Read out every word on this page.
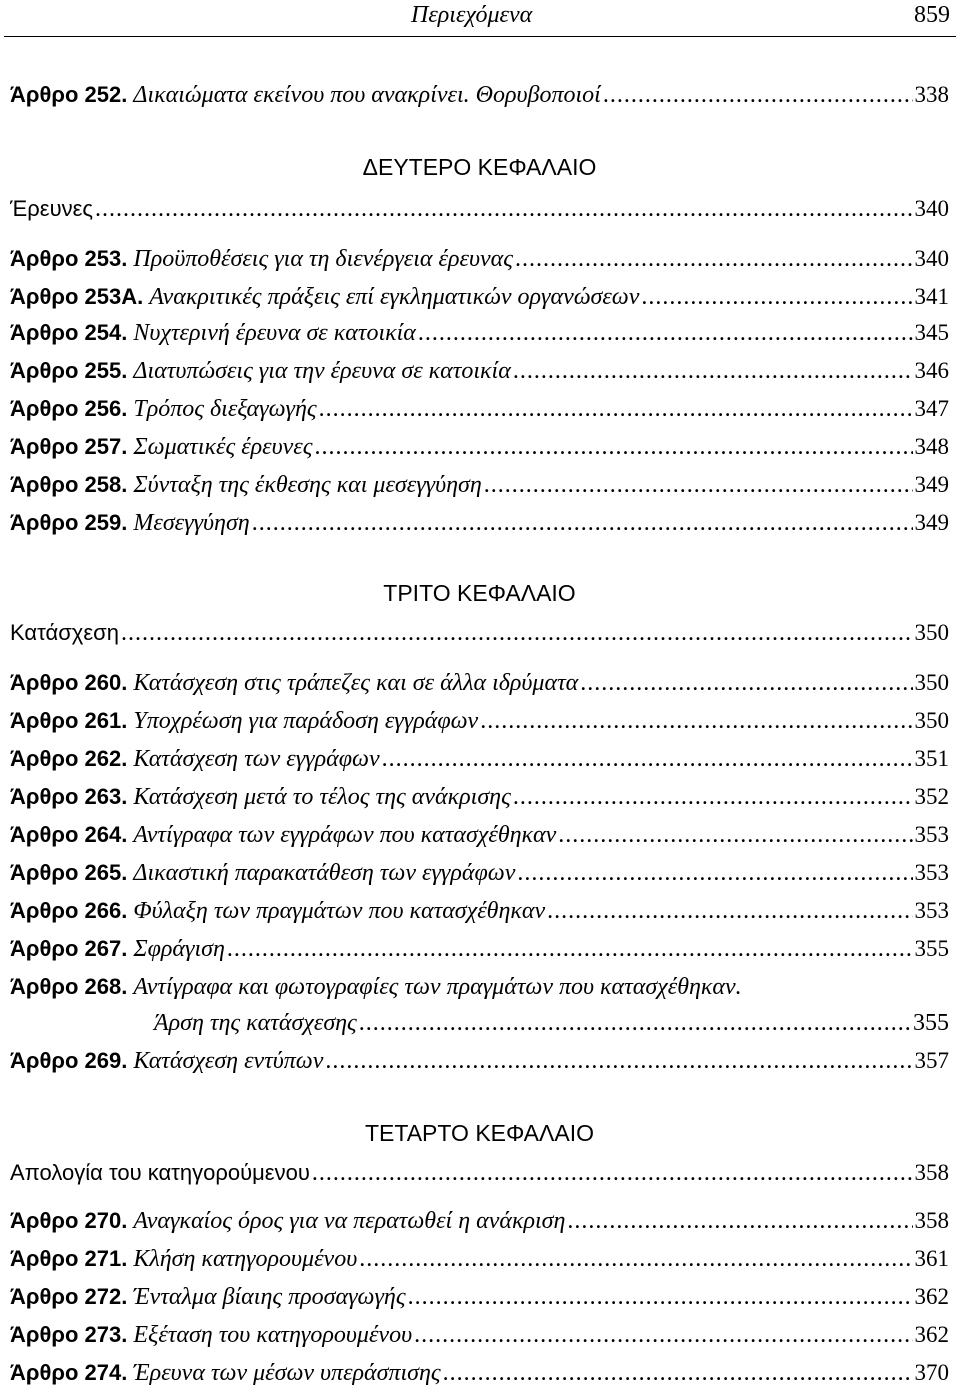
Περιεχόμενα	859
Άρθρο 252. Δικαιώματα εκείνου που ανακρίνει. Θορυβοποιοί .....	338
ΔΕΥΤΕΡΟ ΚΕΦΑΛΑΙΟ
Έρευνες .....	340
Άρθρο 253. Προϋποθέσεις για τη διενέργεια έρευνας .....	340
Άρθρο 253Α. Ανακριτικές πράξεις επί εγκληματικών οργανώσεων .....	341
Άρθρο 254. Νυχτερινή έρευνα σε κατοικία .....	345
Άρθρο 255. Διατυπώσεις για την έρευνα σε κατοικία .....	346
Άρθρο 256. Τρόπος διεξαγωγής .....	347
Άρθρο 257. Σωματικές έρευνες .....	348
Άρθρο 258. Σύνταξη της έκθεσης και μεσεγγύηση .....	349
Άρθρο 259. Μεσεγγύηση .....	349
ΤΡΙΤΟ ΚΕΦΑΛΑΙΟ
Κατάσχεση .....	350
Άρθρο 260. Κατάσχεση στις τράπεζες και σε άλλα ιδρύματα .....	350
Άρθρο 261. Υποχρέωση για παράδοση εγγράφων .....	350
Άρθρο 262. Κατάσχεση των εγγράφων .....	351
Άρθρο 263. Κατάσχεση μετά το τέλος της ανάκρισης .....	352
Άρθρο 264. Αντίγραφα των εγγράφων που κατασχέθηκαν .....	353
Άρθρο 265. Δικαστική παρακατάθεση των εγγράφων .....	353
Άρθρο 266. Φύλαξη των πραγμάτων που κατασχέθηκαν .....	353
Άρθρο 267. Σφράγιση .....	355
Άρθρο 268. Αντίγραφα και φωτογραφίες των πραγμάτων που κατασχέθηκαν.
Άρση της κατάσχεσης .....	355
Άρθρο 269. Κατάσχεση εντύπων .....	357
ΤΕΤΑΡΤΟ ΚΕΦΑΛΑΙΟ
Απολογία του κατηγορούμενου .....	358
Άρθρο 270. Αναγκαίος όρος για να περατωθεί η ανάκριση .....	358
Άρθρο 271. Κλήση κατηγορουμένου .....	361
Άρθρο 272. Ένταλμα βίαιης προσαγωγής .....	362
Άρθρο 273. Εξέταση του κατηγορουμένου .....	362
Άρθρο 274. Έρευνα των μέσων υπεράσπισης .....	370
